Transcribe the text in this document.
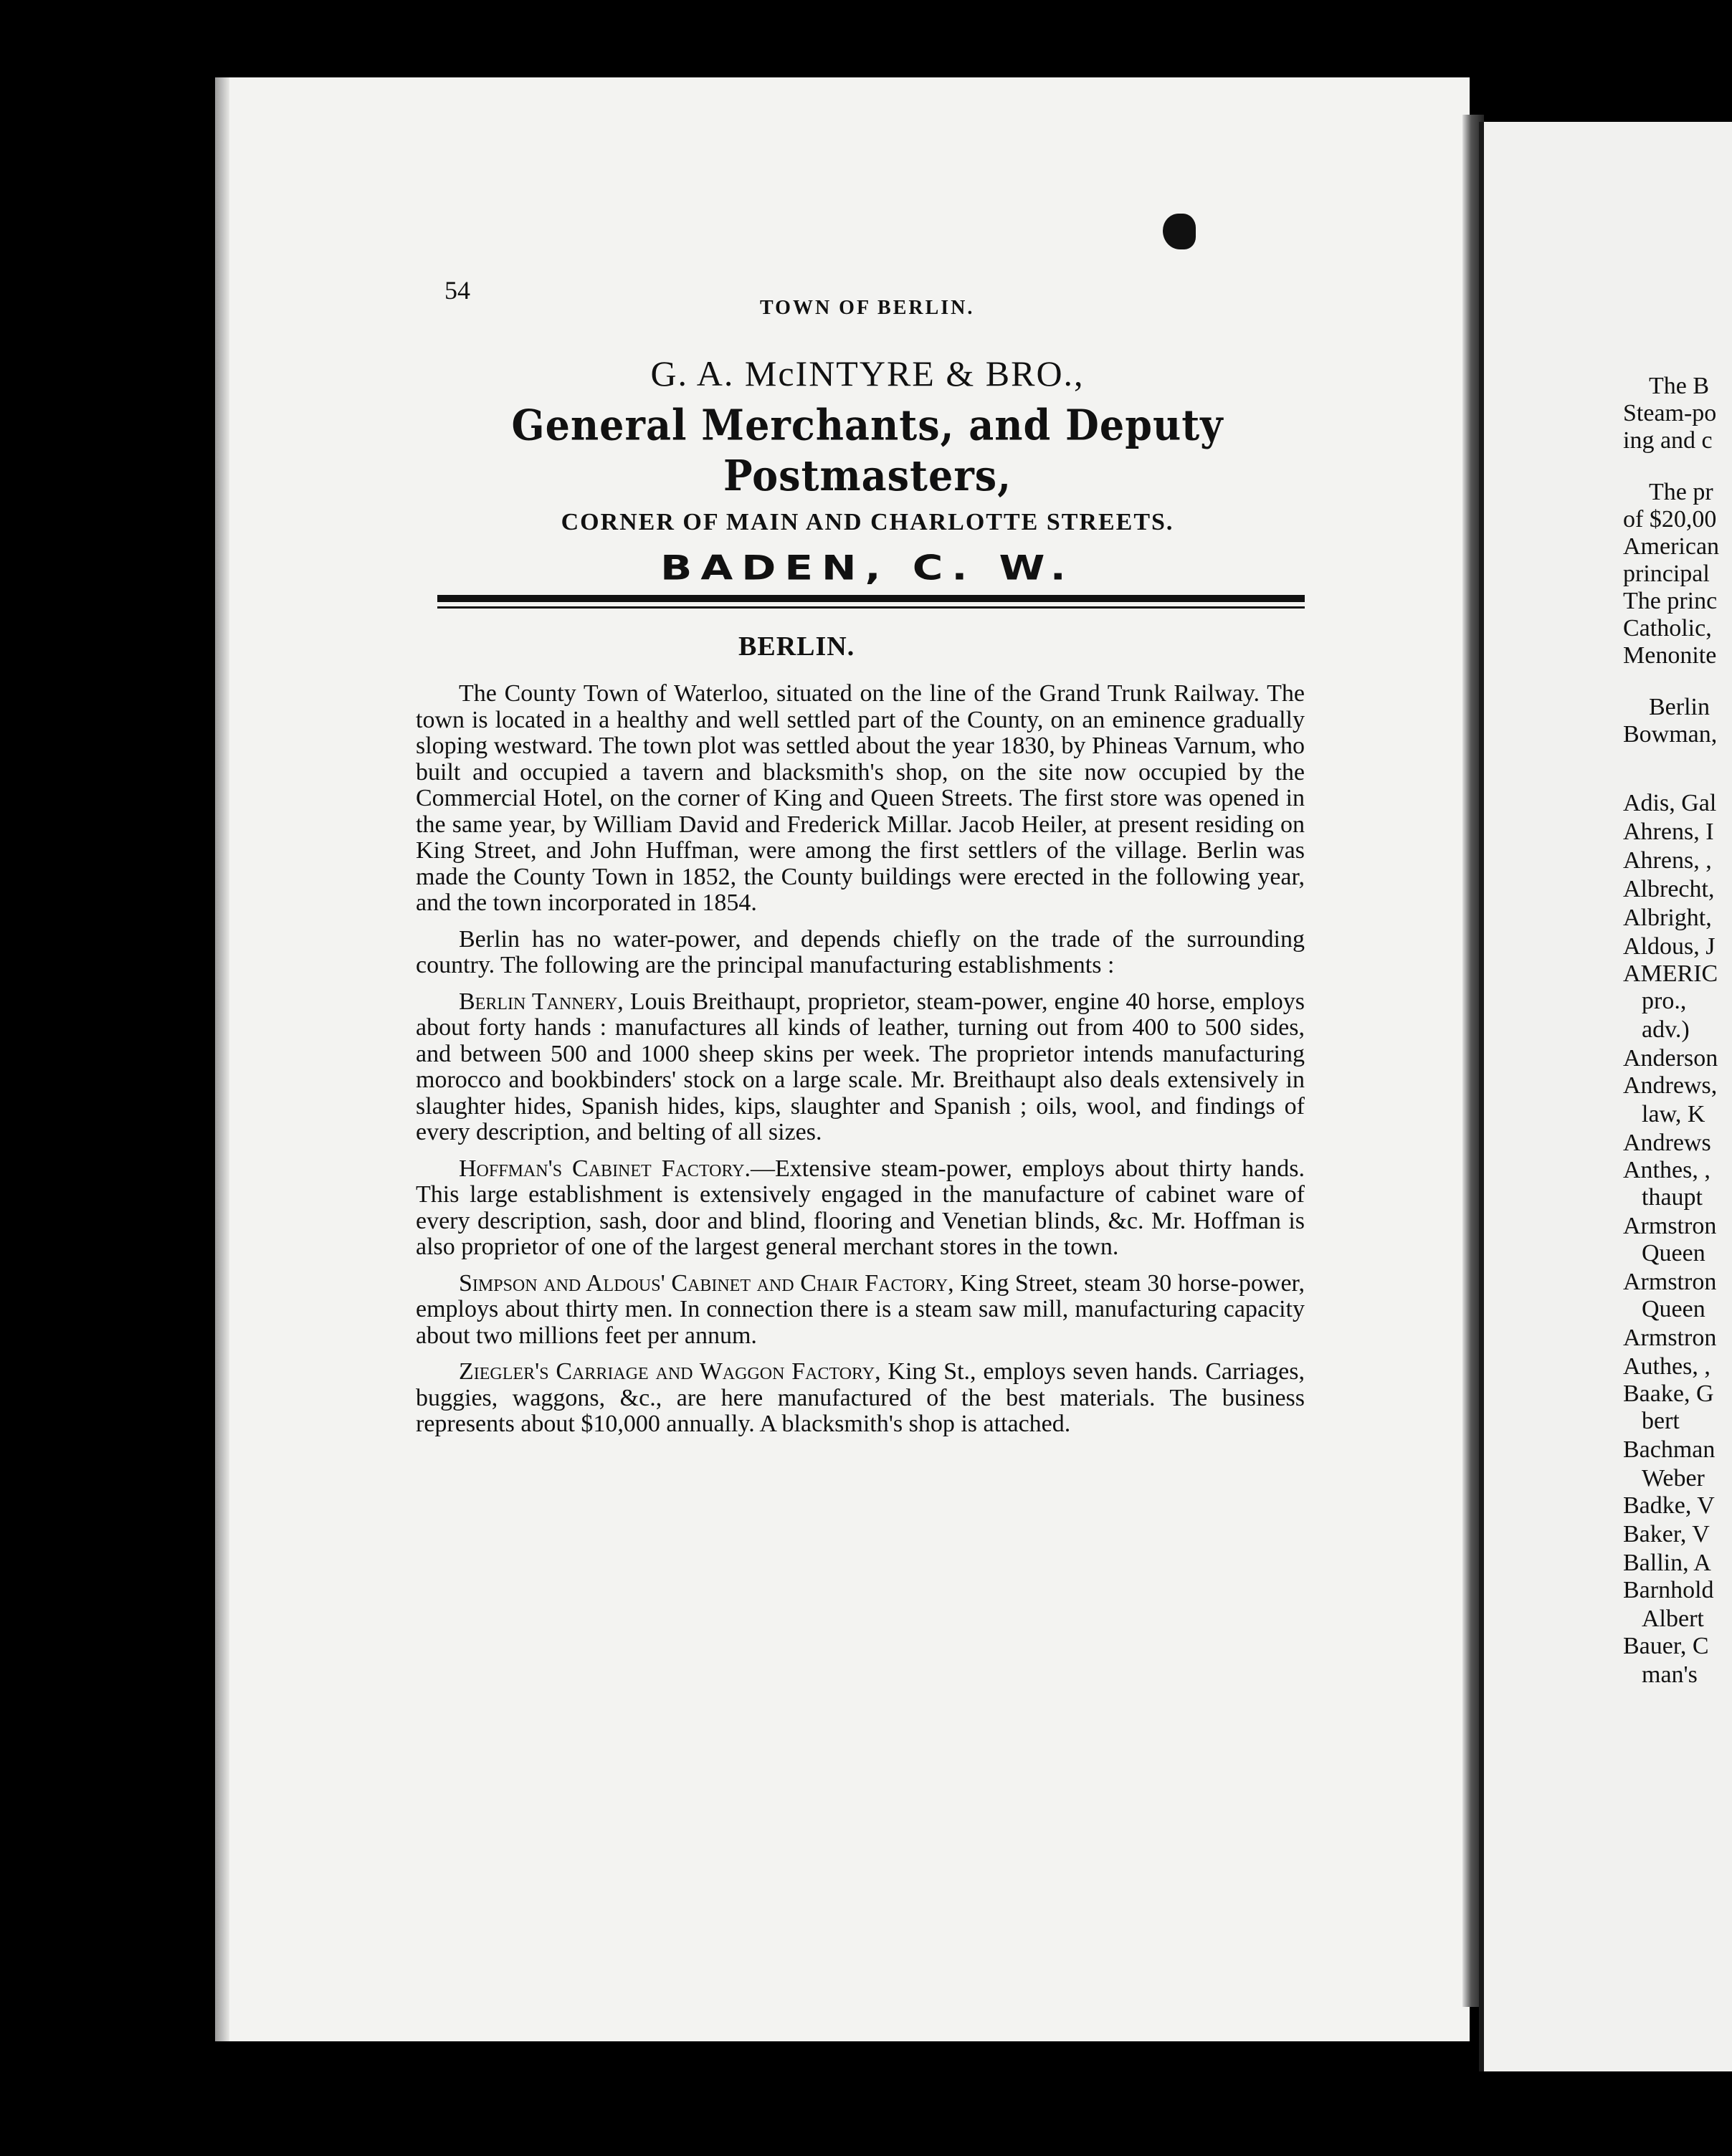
54
TOWN OF BERLIN.
G. A. McINTYRE & BRO.,
General Merchants, and Deputy Postmasters,
CORNER OF MAIN AND CHARLOTTE STREETS.
BADEN, C. W.
BERLIN.

The County Town of Waterloo, situated on the line of the Grand Trunk Railway. The town is located in a healthy and well settled part of the County, on an eminence gradually sloping westward. The town plot was settled about the year 1830, by Phineas Varnum, who built and occupied a tavern and blacksmith's shop, on the site now occupied by the Commercial Hotel, on the corner of King and Queen Streets. The first store was opened in the same year, by William David and Frederick Millar. Jacob Heiler, at present residing on King Street, and John Huffman, were among the first settlers of the village. Berlin was made the County Town in 1852, the County buildings were erected in the following year, and the town incorporated in 1854.

Berlin has no water-power, and depends chiefly on the trade of the surrounding country. The following are the principal manufacturing establishments :

Berlin Tannery, Louis Breithaupt, proprietor, steam-power, engine 40 horse, employs about forty hands : manufactures all kinds of leather, turning out from 400 to 500 sides, and between 500 and 1000 sheep skins per week. The proprietor intends manufacturing morocco and bookbinders' stock on a large scale. Mr. Breithaupt also deals extensively in slaughter hides, Spanish hides, kips, slaughter and Spanish ; oils, wool, and findings of every description, and belting of all sizes.

Hoffman's Cabinet Factory.—Extensive steam-power, employs about thirty hands. This large establishment is extensively engaged in the manufacture of cabinet ware of every description, sash, door and blind, flooring and Venetian blinds, &c. Mr. Hoffman is also proprietor of one of the largest general merchant stores in the town.

Simpson and Aldous' Cabinet and Chair Factory, King Street, steam 30 horse-power, employs about thirty men. In connection there is a steam saw mill, manufacturing capacity about two millions feet per annum.

Ziegler's Carriage and Waggon Factory, King St., employs seven hands. Carriages, buggies, waggons, &c., are here manufactured of the best materials. The business represents about $10,000 annually. A blacksmith's shop is attached.

The B
Steam-po
ing and c
The pr
of $20,00
American
principal
The princ
Catholic,
Menonite
Berlin
Bowman,
Adis, Gal
Ahrens, I
Ahrens, ,
Albrecht,
Albright,
Aldous, J
AMERIC
pro.,
adv.)
Anderson
Andrews,
law, K
Andrews
Anthes, ,
thaupt
Armstron
Queen
Armstron
Queen
Armstron
Authes, ,
Baake, G
bert
Bachman
Weber
Badke, V
Baker, V
Ballin, A
Barnhold
Albert
Bauer, C
man's
